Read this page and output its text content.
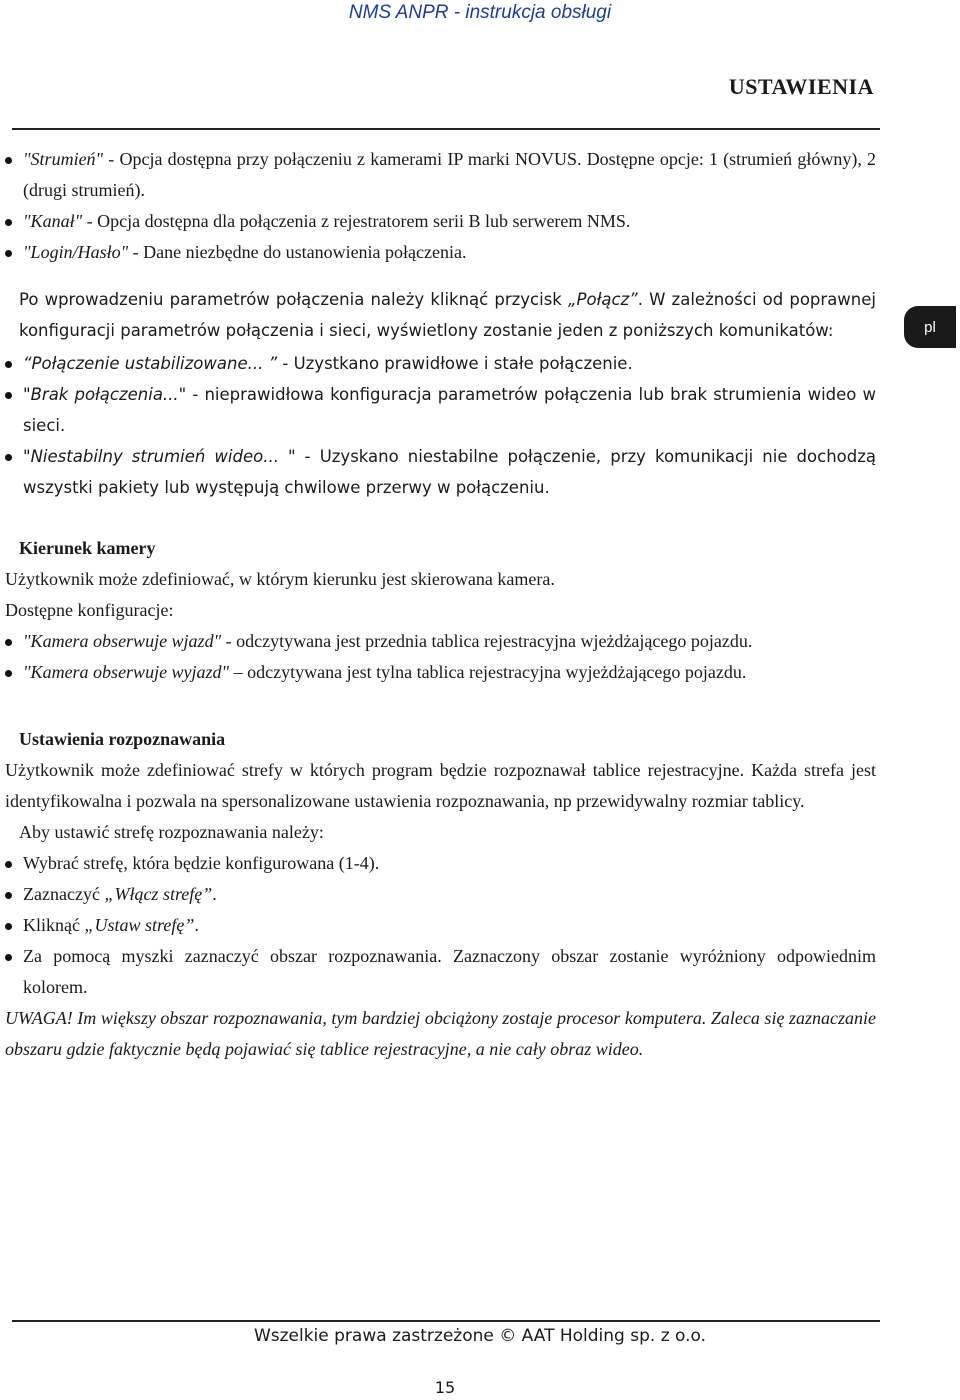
NMS ANPR - instrukcja obsługi
USTAWIENIA
pl
"Strumień" - Opcja dostępna przy połączeniu z kamerami IP marki NOVUS. Dostępne opcje: 1 (strumień główny), 2 (drugi strumień).
"Kanał" - Opcja dostępna dla połączenia z rejestratorem serii B lub serwerem NMS.
"Login/Hasło" - Dane niezbędne do ustanowienia połączenia.

Po wprowadzeniu parametrów połączenia należy kliknąć przycisk „Połącz”. W zależności od poprawnej konfiguracji parametrów połączenia i sieci, wyświetlony zostanie jeden z poniższych komunikatów:

“Połączenie ustabilizowane... ” - Uzystkano prawidłowe i stałe połączenie.
"Brak połączenia..." - nieprawidłowa konfiguracja parametrów połączenia lub brak strumienia wideo w sieci.
"Niestabilny strumień wideo... " - Uzyskano niestabilne połączenie, przy komunikacji nie dochodzą wszystki pakiety lub występują chwilowe przerwy w połączeniu.

Kierunek kamery

Użytkownik może zdefiniować, w którym kierunku jest skierowana kamera.

Dostępne konfiguracje:

"Kamera obserwuje wjazd" - odczytywana jest przednia tablica rejestracyjna wjeżdżającego pojazdu.
"Kamera obserwuje wyjazd" – odczytywana jest tylna tablica rejestracyjna wyjeżdżającego pojazdu.

Ustawienia rozpoznawania

Użytkownik może zdefiniować strefy w których program będzie rozpoznawał tablice rejestracyjne. Każda strefa jest identyfikowalna i pozwala na spersonalizowane ustawienia rozpoznawania, np przewidywalny rozmiar tablicy.

Aby ustawić strefę rozpoznawania należy:

Wybrać strefę, która będzie konfigurowana (1-4).
Zaznaczyć „Włącz strefę”.
Kliknąć „Ustaw strefę”.
Za pomocą myszki zaznaczyć obszar rozpoznawania. Zaznaczony obszar zostanie wyróżniony odpowiednim kolorem.

UWAGA! Im większy obszar rozpoznawania, tym bardziej obciążony zostaje procesor komputera. Zaleca się zaznaczanie obszaru gdzie faktycznie będą pojawiać się tablice rejestracyjne, a nie cały obraz wideo.

Wszelkie prawa zastrzeżone © AAT Holding sp. z o.o.
15
